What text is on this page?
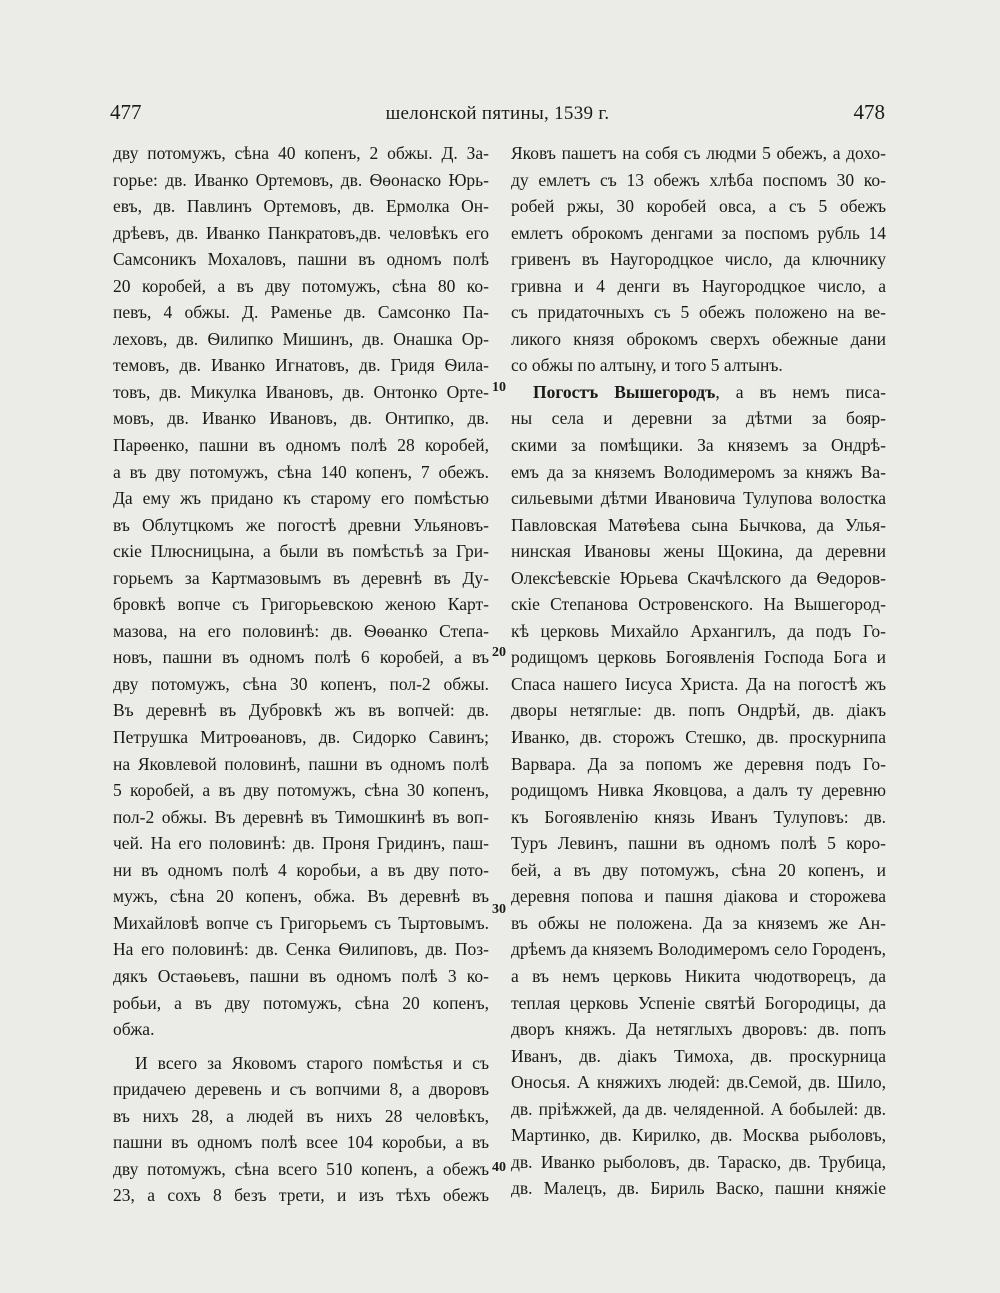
477	шелонской пятины, 1539 г.	478
дву потомужъ, сѣна 40 копенъ, 2 обжы. Д. За-
горье: дв. Иванко Ортемовъ, дв. Ѳөонаско Юрь-
евъ, дв. Павлинъ Ортемовъ, дв. Ермолка Он-
дрѣевъ, дв. Иванко Панкратовъ,дв. человѣкъ его
Самсоникъ Мохаловъ, пашни въ одномъ полѣ
20 коробей, а въ дву потомужъ, сѣна 80 ко-
певъ, 4 обжы. Д. Раменье дв. Самсонко Па-
леховъ, дв. Ѳилипко Мишинъ, дв. Онашка Ор-
темовъ, дв. Иванко Игнатовъ, дв. Гридя Ѳила-
товъ, дв. Микулка Ивановъ, дв. Онтонко Орте-
мовъ, дв. Иванко Ивановъ, дв. Онтипко, дв.
Парѳенко, пашни въ одномъ полѣ 28 коробей,
а въ дву потомужъ, сѣна 140 копенъ, 7 обежъ.
Да ему жъ придано къ старому его помѣстью
въ Облутцкомъ же погостѣ древни Ульяновъ-
скіе Плюсницына, а были въ помѣстьѣ за Гри-
горьемъ за Картмазовымъ въ деревнѣ въ Ду-
бровкѣ вопче съ Григорьевскою женою Карт-
мазова, на его половинѣ: дв. Ѳөөанко Степа-
новъ, пашни въ одномъ полѣ 6 коробей, а въ
дву потомужъ, сѣна 30 копенъ, пол-2 обжы.
Въ деревнѣ въ Дубровкѣ жъ въ вопчей: дв.
Петрушка Митроѳановъ, дв. Сидорко Савинъ;
на Яковлевой половинѣ, пашни въ одномъ полѣ
5 коробей, а въ дву потомужъ, сѣна 30 копенъ,
пол-2 обжы. Въ деревнѣ въ Тимошкинѣ въ воп-
чей. На его половинѣ: дв. Проня Гридинъ, паш-
ни въ одномъ полѣ 4 коробьи, а въ дву пото-
мужъ, сѣна 20 копенъ, обжа. Въ деревнѣ въ
Михайловѣ вопче съ Григорьемъ съ Тыртовымъ.
На его половинѣ: дв. Сенка Ѳилиповъ, дв. Поз-
дякъ Остаѳьевъ, пашни въ одномъ полѣ 3 ко-
робьи, а въ дву потомужъ, сѣна 20 копенъ,
обжа.
И всего за Яковомъ старого помѣстья и съ
придачею деревень и съ вопчими 8, а дворовъ
въ нихъ 28, а людей въ нихъ 28 человѣкъ,
пашни въ одномъ полѣ всее 104 коробьи, а въ
дву потомужъ, сѣна всего 510 копенъ, а обежъ
23, а сохъ 8 безъ трети, и изъ тѣхъ обежъ
Яковъ пашетъ на собя съ людми 5 обежъ, а дохо-
ду емлетъ съ 13 обежъ хлѣба поспомъ 30 ко-
робей ржы, 30 коробей овса, а съ 5 обежъ
емлетъ оброкомъ денгами за поспомъ рубль 14
гривенъ въ Наугородцкое число, да ключнику
гривна и 4 денги въ Наугородцкое число, а
съ придаточныхъ съ 5 обежъ положено на ве-
ликого князя оброкомъ сверхъ обежные дани
со обжы по алтыну, и того 5 алтынъ.
Погостъ Вышегородъ, а въ немъ писа-
ны села и деревни за дѣтми за бояр-
скими за помѣщики. За княземъ за Ондрѣ-
емъ да за княземъ Володимеромъ за княжъ Ва-
сильевыми дѣтми Ивановича Тулупова волостка
Павловская Матѳѣева сына Бычкова, да Улья-
нинская Ивановы жены Щокина, да деревни
Олексѣевскіе Юрьева Скачѣлского да Ѳедоров-
скіе Степанова Островенского. На Вышегород-
кѣ церковь Михайло Архангилъ, да подъ Го-
родищомъ церковь Богоявленія Господа Бога и
Спаса нашего Іисуса Христа. Да на погостѣ жъ
дворы нетяглые: дв. попъ Ондрѣй, дв. діакъ
Иванко, дв. сторожъ Стешко, дв. проскурнипа
Варвара. Да за попомъ же деревня подъ Го-
родищомъ Нивка Яковцова, а далъ ту деревню
къ Богоявленію князь Иванъ Тулуповъ: дв.
Туръ Левинъ, пашни въ одномъ полѣ 5 коро-
бей, а въ дву потомужъ, сѣна 20 копенъ, и
деревня попова и пашня діакова и сторожева
въ обжы не положена. Да за княземъ же Ан-
дрѣемъ да княземъ Володимеромъ село Городенъ,
а въ немъ церковь Никита чюдотворецъ, да
теплая церковь Успеніе святѣй Богородицы, да
дворъ княжъ. Да нетяглыхъ дворовъ: дв. попъ
Иванъ, дв. діакъ Тимоха, дв. проскурница
Оносья. А княжихъ людей: дв.Семой, дв. Шило,
дв. пріѣжжей, да дв. челяденной. А бобылей: дв.
Мартинко, дв. Кирилко, дв. Москва рыболовъ,
дв. Иванко рыболовъ, дв. Тараско, дв. Трубица,
дв. Малецъ, дв. Бириль Васко, пашни княжіе
10
20
30
40
